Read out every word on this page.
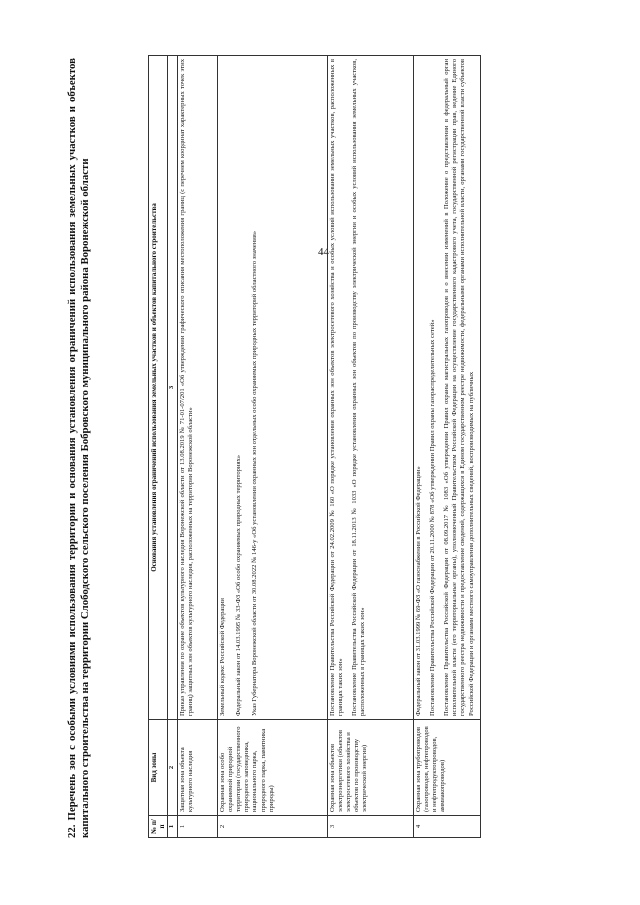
44
22. Перечень зон с особыми условиями использования территории и основания установления ограничений использования земельных участков и объектов капитального строительства на территории Слободского сельского поселения Бобровского муниципального района Воронежской области	№ п/п	Вид зоны	Основания установления ограничений использования земельных участков и объектов капитального строительства
1	2	3
1	Защитная зона объекта культурного наследия	Приказ управления по охране объектов культурного наследия Воронежской области от 13.08.2019 № 71-01-07/201 «Об утверждении графического описания местоположения границ (с перечнем координат характерных точек этих границ) защитных зон объектов культурного наследия, расположенных на территории Воронежской области»

2	Охранная зона особо охраняемой природной территории (государственного природного заповедника, национального парка, природного парка, памятника природы)	Земельный кодекс Российской Федерации Федеральный закон от 14.03.1995 № 33-ФЗ «Об особо охраняемых природных территориях» Указ Губернатора Воронежской области от 30.08.2022 № 146-у «Об установлении охранных зон отдельных особо охраняемых природных территорий областного значения»

3	Охранная зона объектов электроэнергетики (объектов электросетевого хозяйства и объектов по производству электрической энергии)	Постановление Правительства Российской Федерации от 24.02.2009 № 160 «О порядке установления охранных зон объектов электросетевого хозяйства и особых условий использования земельных участков, расположенных в границах таких зон» Постановление Правительства Российской Федерации от 18.11.2013 № 1033 «О порядке установления охранных зон объектов по производству электрической энергии и особых условий использования земельных участков, расположенных в границах таких зон»

4	Охранная зона трубопроводов (газопроводов, нефтепроводов и нефтепродуктопроводов, аммиакопроводов)	Федеральный закон от 31.03.1999 № 69-ФЗ «О газоснабжении в Российской Федерации» Постановление Правительства Российской Федерации от 20.11.2000 № 878 «Об утверждении Правил охраны газораспределительных сетей» Постановление Правительства Российской Федерации от 08.09.2017 № 1083 «Об утверждении Правил охраны магистральных газопроводов и о внесении изменений в Положение о представлении в федеральный орган исполнительной власти (его территориальные органы), уполномоченный Правительством Российской Федерации на осуществление государственного кадастрового учета, государственной регистрации прав, ведение Единого государственного реестра недвижимости и предоставление сведений, содержащихся в Едином государственном реестре недвижимости, федеральными органами исполнительной власти, органами государственной власти субъектов Российской Федерации и органами местного самоуправления дополнительных сведений, воспроизводимых на публичных
